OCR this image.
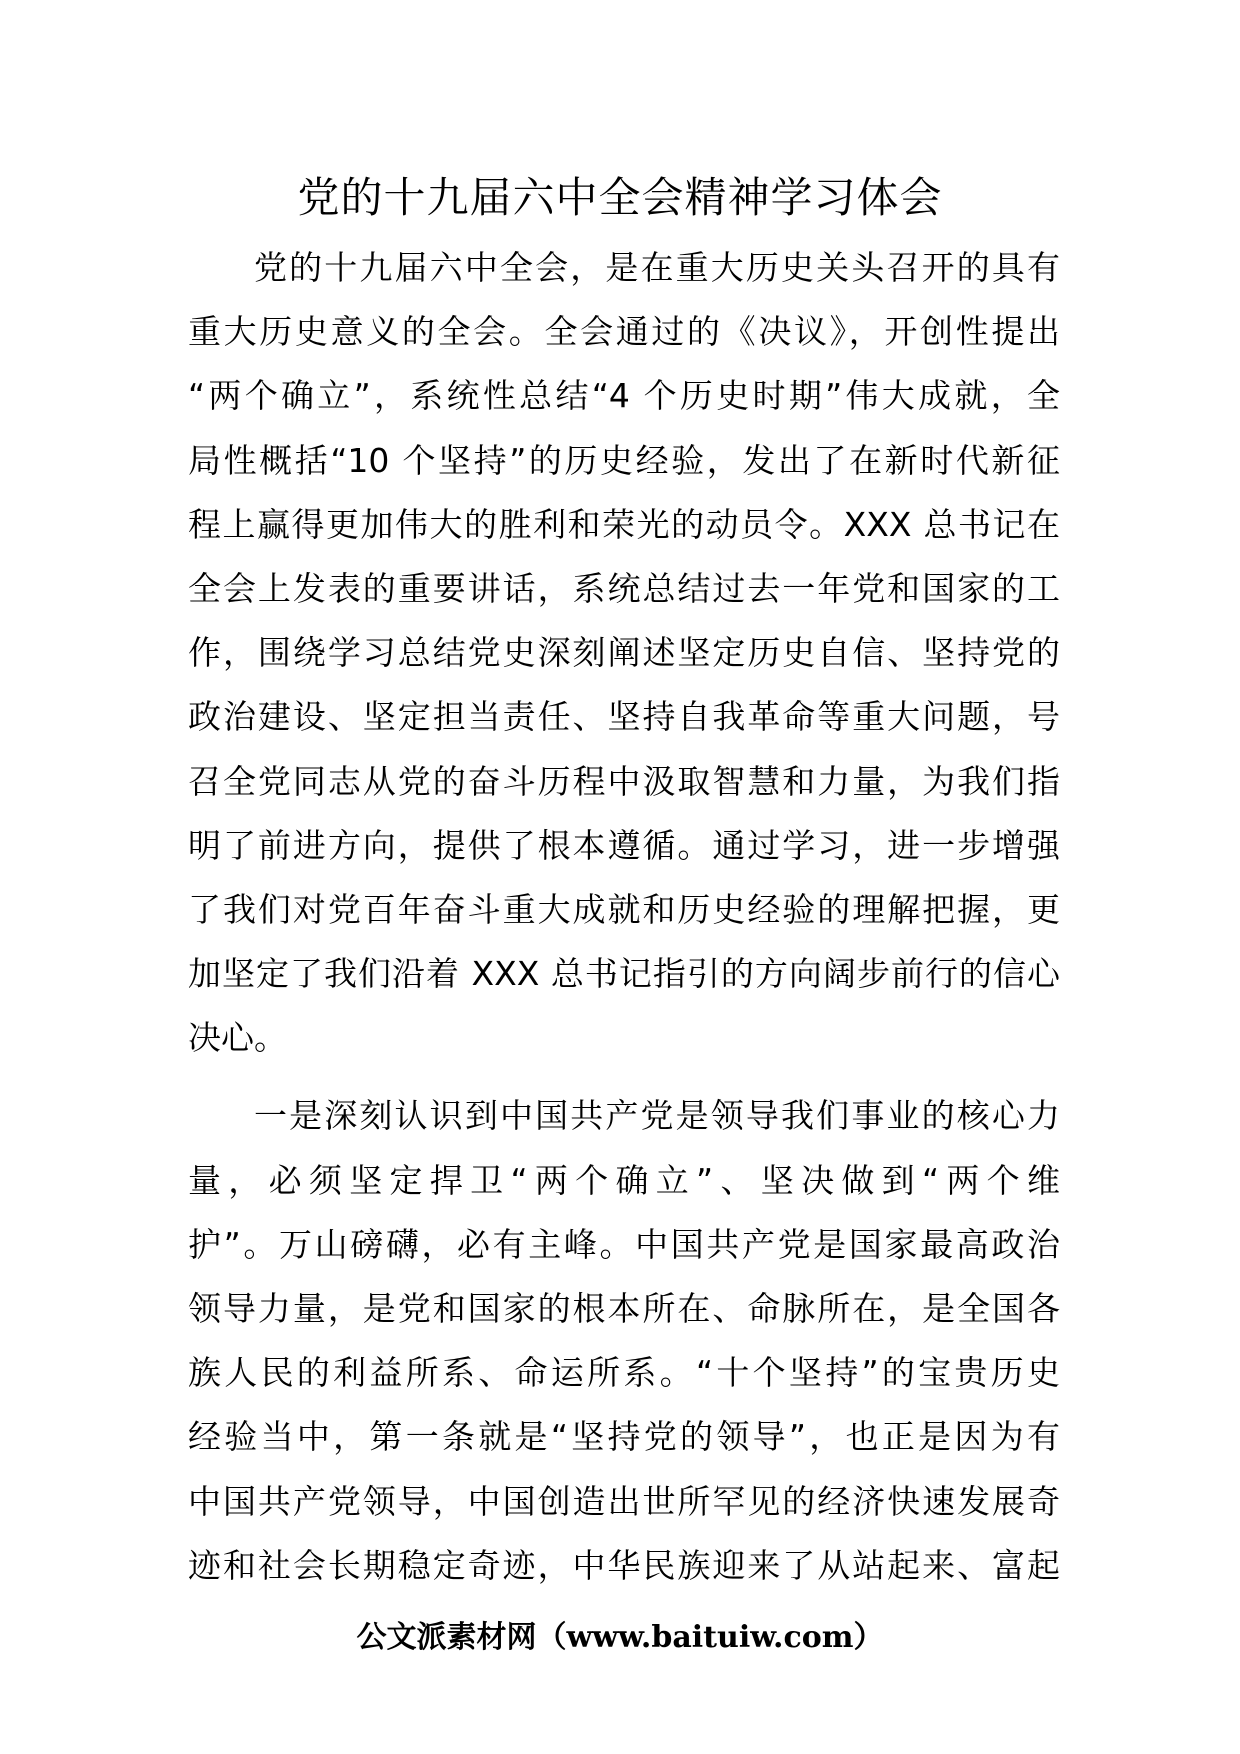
党的十九届六中全会精神学习体会
党的十九届六中全会，是在重大历史关头召开的具有
重大历史意义的全会。全会通过的《决议》，开创性提出
“两个确立”，系统性总结“4 个历史时期”伟大成就，全
局性概括“10 个坚持”的历史经验，发出了在新时代新征
程上赢得更加伟大的胜利和荣光的动员令。XXX 总书记在
全会上发表的重要讲话，系统总结过去一年党和国家的工
作，围绕学习总结党史深刻阐述坚定历史自信、坚持党的
政治建设、坚定担当责任、坚持自我革命等重大问题，号
召全党同志从党的奋斗历程中汲取智慧和力量，为我们指
明了前进方向，提供了根本遵循。通过学习，进一步增强
了我们对党百年奋斗重大成就和历史经验的理解把握，更
加坚定了我们沿着 XXX 总书记指引的方向阔步前行的信心
决心。
一是深刻认识到中国共产党是领导我们事业的核心力
量，必须坚定捍卫“两个确立”、坚决做到“两个维
护”。万山磅礴，必有主峰。中国共产党是国家最高政治
领导力量，是党和国家的根本所在、命脉所在，是全国各
族人民的利益所系、命运所系。“十个坚持”的宝贵历史
经验当中，第一条就是“坚持党的领导”，也正是因为有
中国共产党领导，中国创造出世所罕见的经济快速发展奇
迹和社会长期稳定奇迹，中华民族迎来了从站起来、富起
公文派素材网（www.baituiw.com）
